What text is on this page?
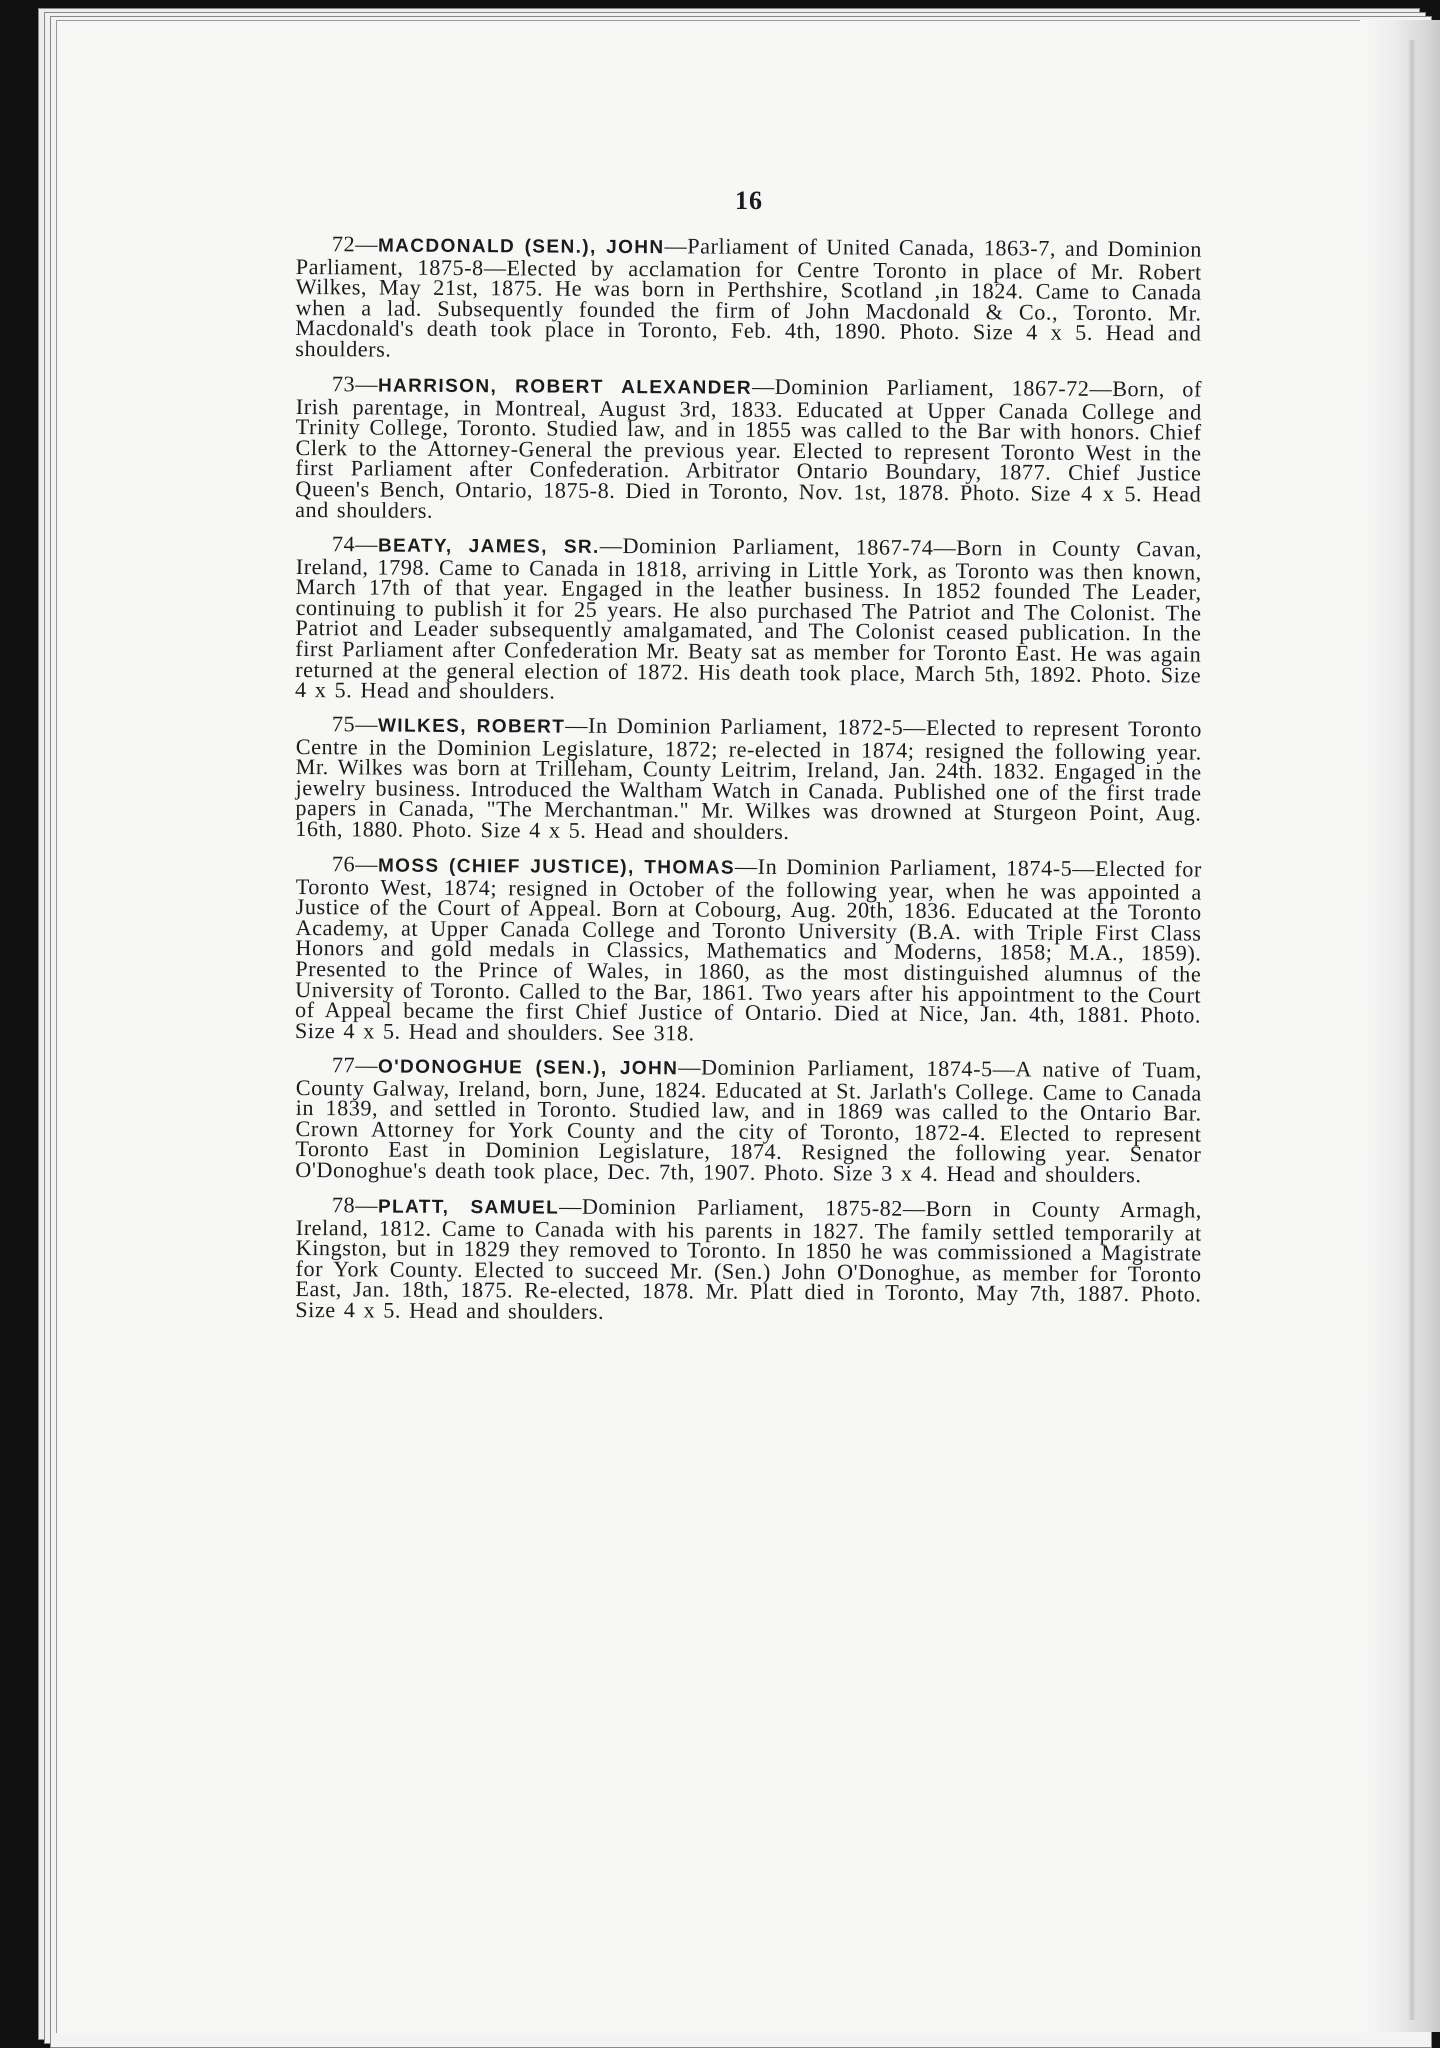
16

72—MACDONALD (SEN.), JOHN—Parliament of United Canada, 1863-7, and Dominion Parliament, 1875-8—Elected by acclamation for Centre Toronto in place of Mr. Robert Wilkes, May 21st, 1875. He was born in Perthshire, Scotland ,in 1824. Came to Canada when a lad. Subsequently founded the firm of John Macdonald & Co., Toronto. Mr. Macdonald's death took place in Toronto, Feb. 4th, 1890. Photo. Size 4 x 5. Head and shoulders.

73—HARRISON, ROBERT ALEXANDER—Dominion Parliament, 1867-72—Born, of Irish parentage, in Montreal, August 3rd, 1833. Educated at Upper Canada College and Trinity College, Toronto. Studied law, and in 1855 was called to the Bar with honors. Chief Clerk to the Attorney-General the previous year. Elected to represent Toronto West in the first Parliament after Confederation. Arbitrator Ontario Boundary, 1877. Chief Justice Queen's Bench, Ontario, 1875-8. Died in Toronto, Nov. 1st, 1878. Photo. Size 4 x 5. Head and shoulders.

74—BEATY, JAMES, SR.—Dominion Parliament, 1867-74—Born in County Cavan, Ireland, 1798. Came to Canada in 1818, arriving in Little York, as Toronto was then known, March 17th of that year. Engaged in the leather business. In 1852 founded The Leader, continuing to publish it for 25 years. He also purchased The Patriot and The Colonist. The Patriot and Leader subsequently amalgamated, and The Colonist ceased publication. In the first Parliament after Confederation Mr. Beaty sat as member for Toronto East. He was again returned at the general election of 1872. His death took place, March 5th, 1892. Photo. Size 4 x 5. Head and shoulders.

75—WILKES, ROBERT—In Dominion Parliament, 1872-5—Elected to represent Toronto Centre in the Dominion Legislature, 1872; re-elected in 1874; resigned the following year. Mr. Wilkes was born at Trilleham, County Leitrim, Ireland, Jan. 24th. 1832. Engaged in the jewelry business. Introduced the Waltham Watch in Canada. Published one of the first trade papers in Canada, "The Merchantman." Mr. Wilkes was drowned at Sturgeon Point, Aug. 16th, 1880. Photo. Size 4 x 5. Head and shoulders.

76—MOSS (CHIEF JUSTICE), THOMAS—In Dominion Parliament, 1874-5—Elected for Toronto West, 1874; resigned in October of the following year, when he was appointed a Justice of the Court of Appeal. Born at Cobourg, Aug. 20th, 1836. Educated at the Toronto Academy, at Upper Canada College and Toronto University (B.A. with Triple First Class Honors and gold medals in Classics, Mathematics and Moderns, 1858; M.A., 1859). Presented to the Prince of Wales, in 1860, as the most distinguished alumnus of the University of Toronto. Called to the Bar, 1861. Two years after his appointment to the Court of Appeal became the first Chief Justice of Ontario. Died at Nice, Jan. 4th, 1881. Photo. Size 4 x 5. Head and shoulders. See 318.

77—O'DONOGHUE (SEN.), JOHN—Dominion Parliament, 1874-5—A native of Tuam, County Galway, Ireland, born, June, 1824. Educated at St. Jarlath's College. Came to Canada in 1839, and settled in Toronto. Studied law, and in 1869 was called to the Ontario Bar. Crown Attorney for York County and the city of Toronto, 1872-4. Elected to represent Toronto East in Dominion Legislature, 1874. Resigned the following year. Senator O'Donoghue's death took place, Dec. 7th, 1907. Photo. Size 3 x 4. Head and shoulders.

78—PLATT, SAMUEL—Dominion Parliament, 1875-82—Born in County Armagh, Ireland, 1812. Came to Canada with his parents in 1827. The family settled temporarily at Kingston, but in 1829 they removed to Toronto. In 1850 he was commissioned a Magistrate for York County. Elected to succeed Mr. (Sen.) John O'Donoghue, as member for Toronto East, Jan. 18th, 1875. Re-elected, 1878. Mr. Platt died in Toronto, May 7th, 1887. Photo. Size 4 x 5. Head and shoulders.
